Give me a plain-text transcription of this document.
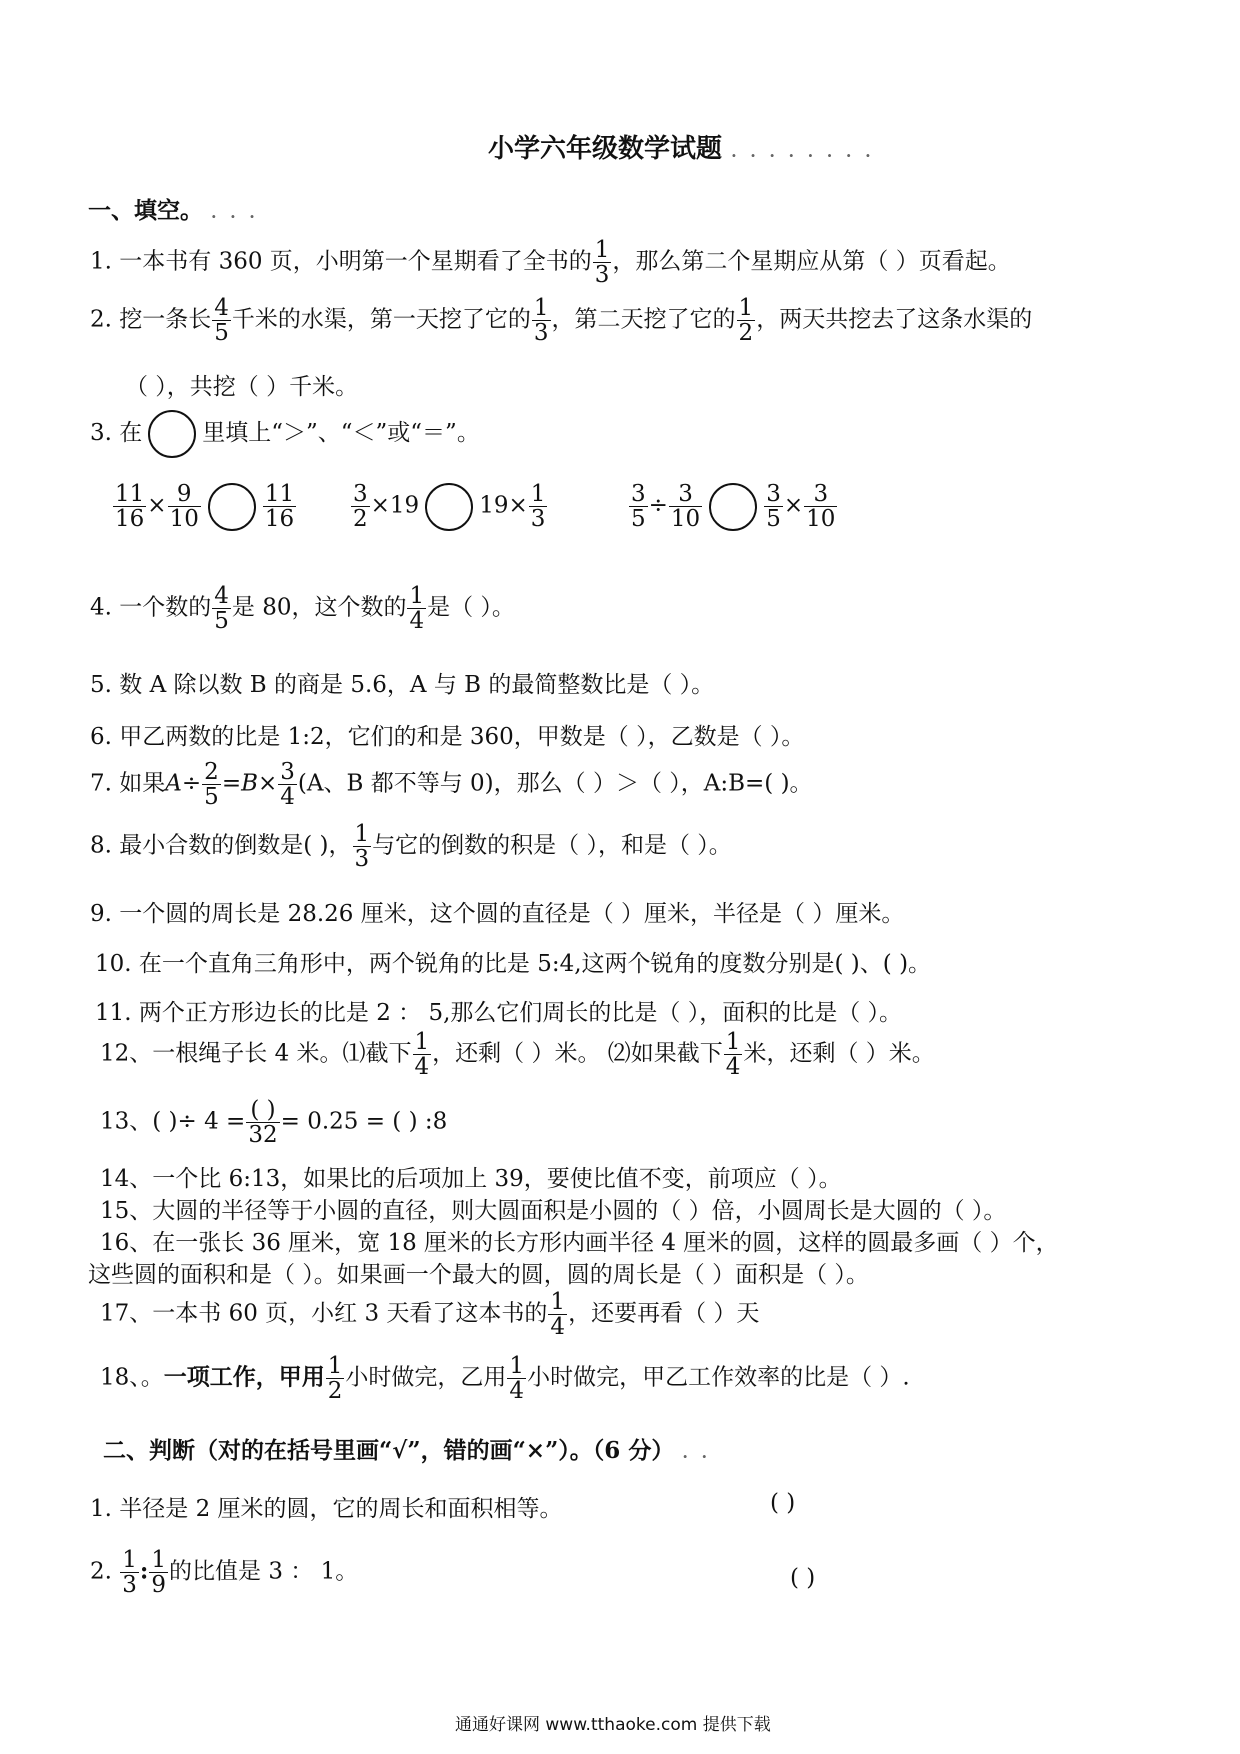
小学六年级数学试题 . . . . . . . .
一、填空。 . . .
1. 一本书有 360 页，小明第一个星期看了全书的 $\frac{1}{3}$ ，那么第二个星期应从第（ ）页看起。
2. 挖一条长 $\frac{4}{5}$ 千米的水渠，第一天挖了它的 $\frac{1}{3}$ ，第二天挖了它的 $\frac{1}{2}$ ，两天共挖去了这条水渠的
（ ），共挖（ ）千米。
3. 在	里填上“＞”、“＜”或“＝”。
$\frac{11}{16} \times \frac{9}{10}$	$\frac{11}{16} \frac{3}{2} \times 19$	$19\times \frac{1}{3}$	$\frac{3}{5} \div \frac{3}{10}$	$\frac{3}{5} \times \frac{3}{10}$
4. 一个数的 $\frac{4}{5}$ 是 80，这个数的 $\frac{1}{4}$ 是（ ）。
5. 数 A 除以数 B 的商是 5.6，A 与 B 的最简整数比是（ ）。
6. 甲乙两数的比是 1:2，它们的和是 360，甲数是（ ），乙数是（ ）。
7. 如果$A\div \frac{2}{5} =B\times \frac{3}{4} (A$、B 都不等与 0)，那么（ ）＞（ ），A:B=( )。
8. 最小合数的倒数是( )， $\frac{1}{3}$ 与它的倒数的积是（ ），和是（ ）。
9. 一个圆的周长是 28.26 厘米，这个圆的直径是（ ）厘米，半径是（ ）厘米。
10. 在一个直角三角形中，两个锐角的比是 5:4,这两个锐角的度数分别是( )、( )。
11. 两个正方形边长的比是 2 ： 5,那么它们周长的比是（ ），面积的比是（ ）。
12、一根绳子长 4 米。⑴截下 $\frac{1}{4}$ ，还剩（ ）米。 ⑵如果截下 $\frac{1}{4}$ 米，还剩（ ）米。
13、( )÷ 4 = ( )
32
= 0.25 = ( ) :8
14、一个比 6:13，如果比的后项加上 39，要使比值不变，前项应（ ）。
15、大圆的半径等于小圆的直径，则大圆面积是小圆的（ ）倍，小圆周长是大圆的（ ）。
16、在一张长 36 厘米，宽 18 厘米的长方形内画半径 4 厘米的圆，这样的圆最多画（ ）个，
这些圆的面积和是（ ）。如果画一个最大的圆，圆的周长是（ ）面积是（ ）。
17、一本书 60 页，小红 3 天看了这本书的 $\frac{1}{4}$ ，还要再看（ ）天
18、。一项工作，甲用 $\frac{1}{2}$ 小时做完，乙用 $\frac{1}{4}$ 小时做完，甲乙工作效率的比是（ ）.
二、判断（对的在括号里画“√”，错的画“×”）。（6 分） . .
1. 半径是 2 厘米的圆，它的周长和面积相等。	( )
2. $\frac{1}{3}$ : $\frac{1}{9}$ 的比值是 3 ： 1。	( )
通通好课网 www.tthaoke.com 提供下载
